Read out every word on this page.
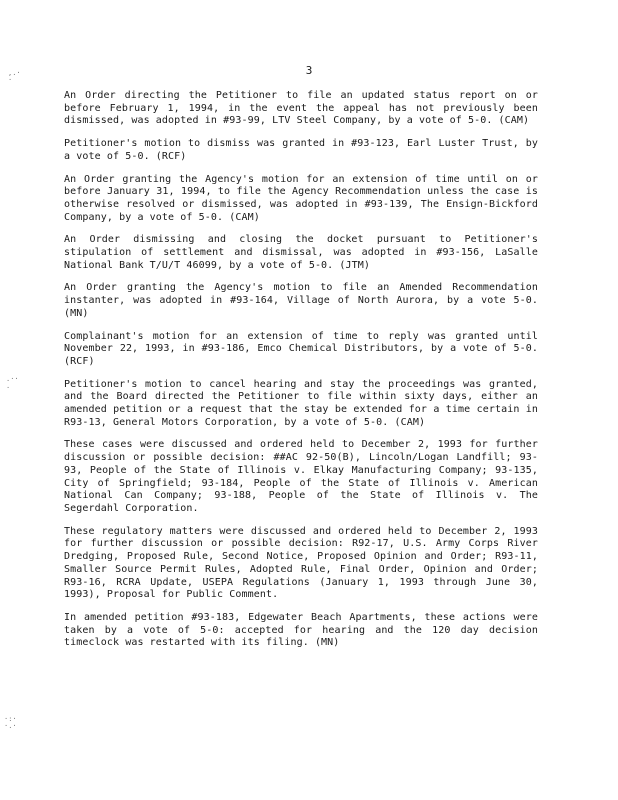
3

An Order directing the Petitioner to file an updated status report on or before February 1, 1994, in the event the appeal has not previously been dismissed, was adopted in #93-99, LTV Steel Company, by a vote of 5-0. (CAM)

Petitioner's motion to dismiss was granted in #93-123, Earl Luster Trust, by a vote of 5-0. (RCF)

An Order granting the Agency's motion for an extension of time until on or before January 31, 1994, to file the Agency Recommendation unless the case is otherwise resolved or dismissed, was adopted in #93-139, The Ensign-Bickford Company, by a vote of 5-0. (CAM)

An Order dismissing and closing the docket pursuant to Petitioner's stipulation of settlement and dismissal, was adopted in #93-156, LaSalle National Bank T/U/T 46099, by a vote of 5-0. (JTM)

An Order granting the Agency's motion to file an Amended Recommendation instanter, was adopted in #93-164, Village of North Aurora, by a vote 5-0. (MN)

Complainant's motion for an extension of time to reply was granted until November 22, 1993, in #93-186, Emco Chemical Distributors, by a vote of 5-0. (RCF)

Petitioner's motion to cancel hearing and stay the proceedings was granted, and the Board directed the Petitioner to file within sixty days, either an amended petition or a request that the stay be extended for a time certain in R93-13, General Motors Corporation, by a vote of 5-0. (CAM)

These cases were discussed and ordered held to December 2, 1993 for further discussion or possible decision: ##AC 92-50(B), Lincoln/Logan Landfill; 93-93, People of the State of Illinois v. Elkay Manufacturing Company; 93-135, City of Springfield; 93-184, People of the State of Illinois v. American National Can Company; 93-188, People of the State of Illinois v. The Segerdahl Corporation.

These regulatory matters were discussed and ordered held to December 2, 1993 for further discussion or possible decision: R92-17, U.S. Army Corps River Dredging, Proposed Rule, Second Notice, Proposed Opinion and Order; R93-11, Smaller Source Permit Rules, Adopted Rule, Final Order, Opinion and Order; R93-16, RCRA Update, USEPA Regulations (January 1, 1993 through June 30, 1993), Proposal for Public Comment.

In amended petition #93-183, Edgewater Beach Apartments, these actions were taken by a vote of 5-0: accepted for hearing and the 120 day decision timeclock was restarted with its filing. (MN)

,.·
·
.··
.
·:·
·.·
